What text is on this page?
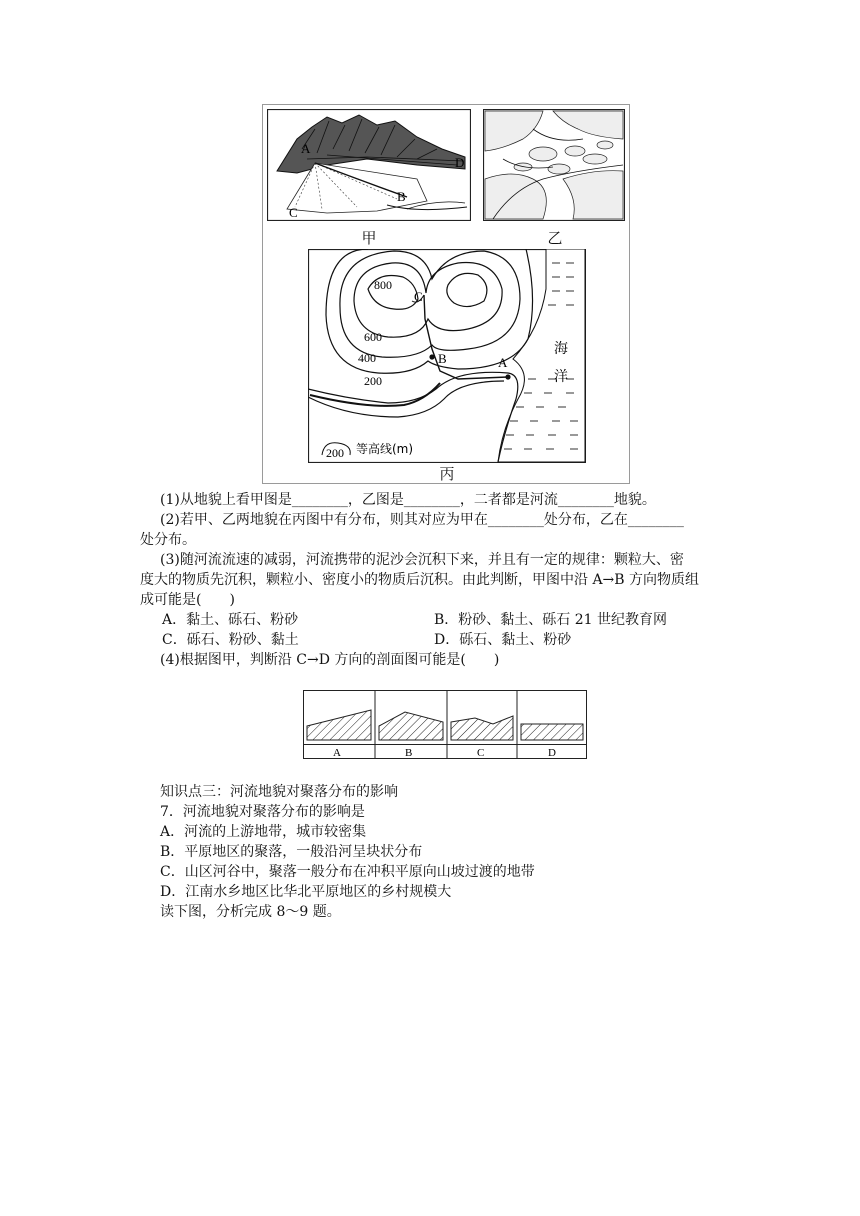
A
B
C
D
甲	乙
800
600
400
200
C
B	A
海
洋
200 等高线(m)
丙

(1)从地貌上看甲图是________，乙图是________，二者都是河流________地貌。

(2)若甲、乙两地貌在丙图中有分布，则其对应为甲在________处分布，乙在________

处分布。

(3)随河流流速的减弱，河流携带的泥沙会沉积下来，并且有一定的规律：颗粒大、密

度大的物质先沉积，颗粒小、密度小的物质后沉积。由此判断，甲图中沿 A→B 方向物质组

成可能是(　　)

A．黏土、砾石、粉砂	B．粉砂、黏土、砾石 21 世纪教育网
C．砾石、粉砂、黏土	D．砾石、黏土、粉砂

(4)根据图甲，判断沿 C→D 方向的剖面图可能是(　　)

A	B	C	D

知识点三：河流地貌对聚落分布的影响

7．河流地貌对聚落分布的影响是

A．河流的上游地带，城市较密集

B．平原地区的聚落，一般沿河呈块状分布

C．山区河谷中，聚落一般分布在冲积平原向山坡过渡的地带

D．江南水乡地区比华北平原地区的乡村规模大

读下图，分析完成 8～9 题。
